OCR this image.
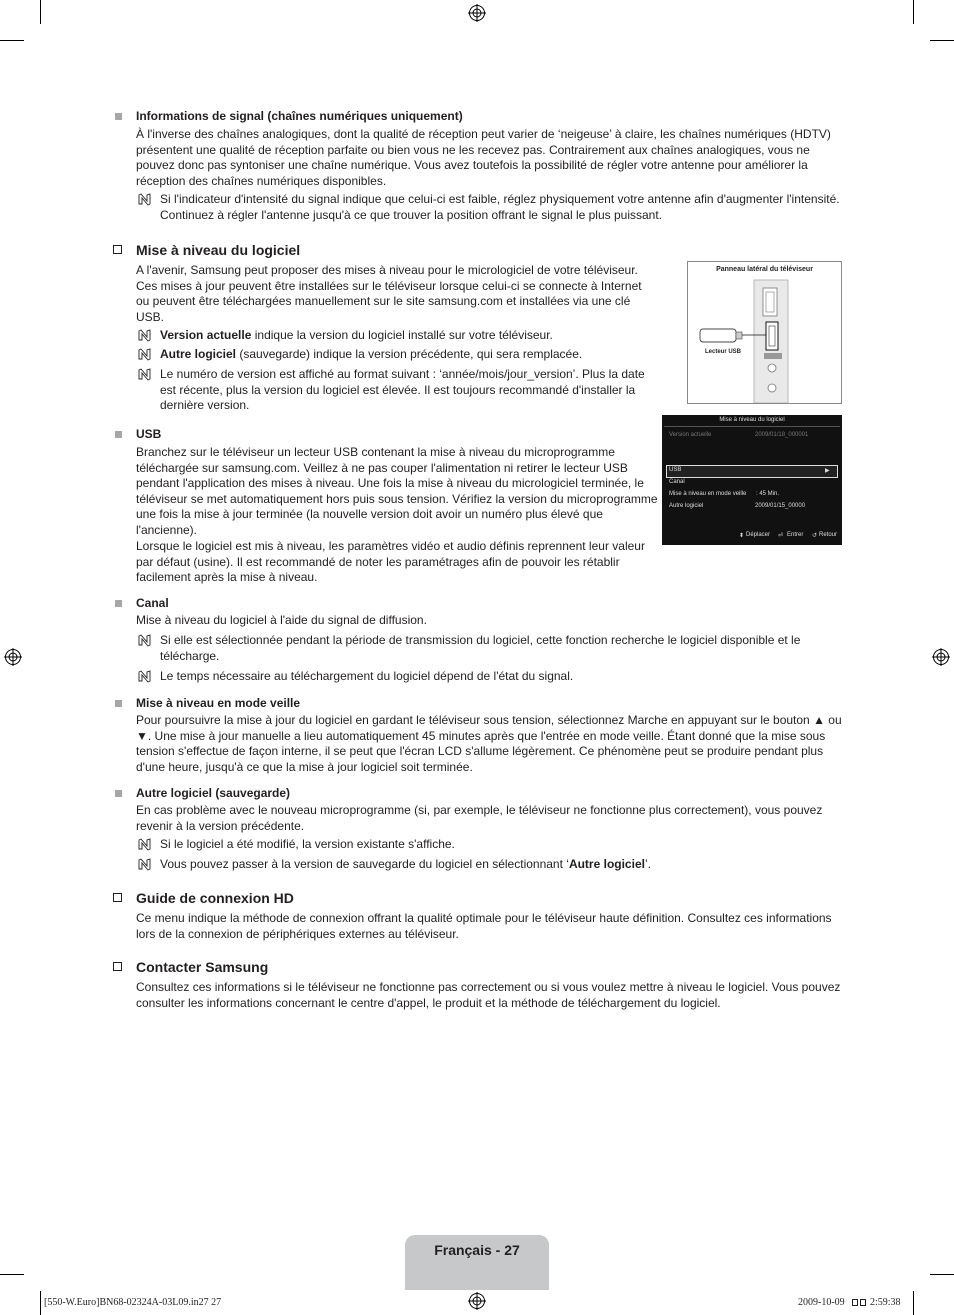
Informations de signal (chaînes numériques uniquement)
À l'inverse des chaînes analogiques, dont la qualité de réception peut varier de ‘neigeuse’ à claire, les chaînes numériques (HDTV) présentent une qualité de réception parfaite ou bien vous ne les recevez pas. Contrairement aux chaînes analogiques, vous ne pouvez donc pas syntoniser une chaîne numérique. Vous avez toutefois la possibilité de régler votre antenne pour améliorer la réception des chaînes numériques disponibles.
Si l'indicateur d'intensité du signal indique que celui-ci est faible, réglez physiquement votre antenne afin d'augmenter l'intensité. Continuez à régler l'antenne jusqu'à ce que trouver la position offrant le signal le plus puissant.
Mise à niveau du logiciel
A l'avenir, Samsung peut proposer des mises à niveau pour le micrologiciel de votre téléviseur. Ces mises à jour peuvent être installées sur le téléviseur lorsque celui-ci se connecte à Internet ou peuvent être téléchargées manuellement sur le site samsung.com et installées via une clé USB.
Version actuelle indique la version du logiciel installé sur votre téléviseur.
Autre logiciel (sauvegarde) indique la version précédente, qui sera remplacée.
Le numéro de version est affiché au format suivant : ‘année/mois/jour_version’. Plus la date est récente, plus la version du logiciel est élevée. Il est toujours recommandé d'installer la dernière version.
Panneau latéral du téléviseur
Lecteur USB
Mise à niveau du logiciel
Version actuelle	2009/01/18_000001
USB	▶
Canal
Mise à niveau en mode veille : 45 Min.
Autre logiciel	2009/01/15_00000
⬍ Déplacer ⏎ Entrer ↺ Retour
USB
Branchez sur le téléviseur un lecteur USB contenant la mise à niveau du microprogramme téléchargée sur samsung.com. Veillez à ne pas couper l'alimentation ni retirer le lecteur USB pendant l'application des mises à niveau. Une fois la mise à niveau du micrologiciel terminée, le téléviseur se met automatiquement hors puis sous tension. Vérifiez la version du microprogramme une fois la mise à jour terminée (la nouvelle version doit avoir un numéro plus élevé que l'ancienne).
Lorsque le logiciel est mis à niveau, les paramètres vidéo et audio définis reprennent leur valeur par défaut (usine). Il est recommandé de noter les paramétrages afin de pouvoir les rétablir facilement après la mise à niveau.
Canal
Mise à niveau du logiciel à l'aide du signal de diffusion.
Si elle est sélectionnée pendant la période de transmission du logiciel, cette fonction recherche le logiciel disponible et le télécharge.
Le temps nécessaire au téléchargement du logiciel dépend de l'état du signal.
Mise à niveau en mode veille
Pour poursuivre la mise à jour du logiciel en gardant le téléviseur sous tension, sélectionnez Marche en appuyant sur le bouton ▲ ou ▼. Une mise à jour manuelle a lieu automatiquement 45 minutes après que l'entrée en mode veille. Étant donné que la mise sous tension s'effectue de façon interne, il se peut que l'écran LCD s'allume légèrement. Ce phénomène peut se produire pendant plus d'une heure, jusqu'à ce que la mise à jour logiciel soit terminée.
Autre logiciel (sauvegarde)
En cas problème avec le nouveau microprogramme (si, par exemple, le téléviseur ne fonctionne plus correctement), vous pouvez revenir à la version précédente.
Si le logiciel a été modifié, la version existante s'affiche.
Vous pouvez passer à la version de sauvegarde du logiciel en sélectionnant ‘Autre logiciel’.
Guide de connexion HD
Ce menu indique la méthode de connexion offrant la qualité optimale pour le téléviseur haute définition. Consultez ces informations lors de la connexion de périphériques externes au téléviseur.
Contacter Samsung
Consultez ces informations si le téléviseur ne fonctionne pas correctement ou si vous voulez mettre à niveau le logiciel. Vous pouvez consulter les informations concernant le centre d'appel, le produit et la méthode de téléchargement du logiciel.
Français - 27
[550-W.Euro]BN68-02324A-03L09.in27 27	2009-10-09	2:59:38
